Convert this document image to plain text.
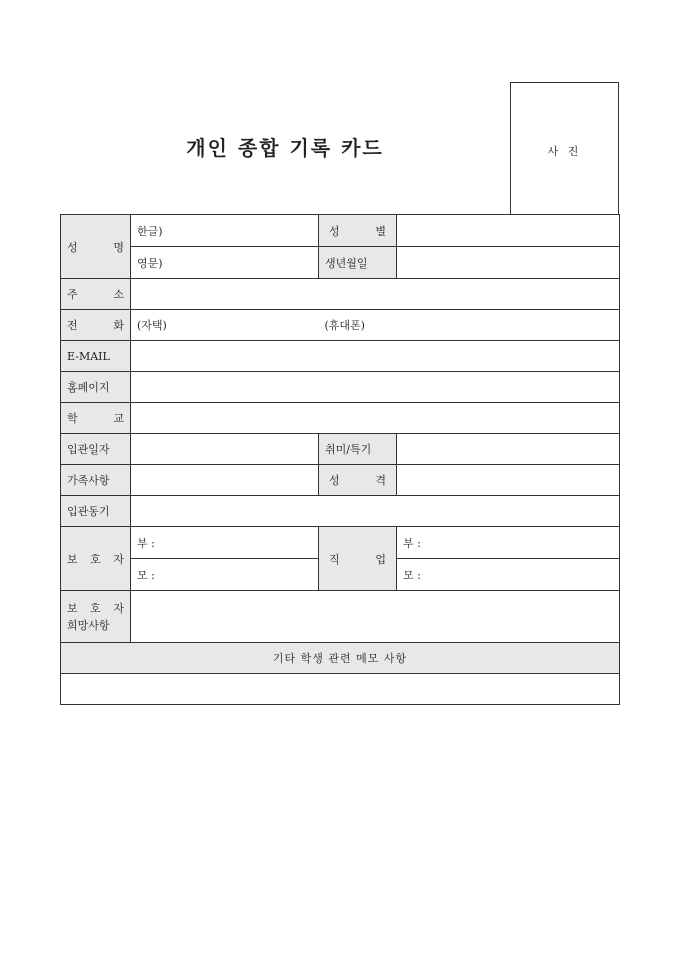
개인 종합 기록 카드	사 진
성 명	한글)	성 별	
	영문)	생년월일	
주 소			
전 화	(자택)	(휴대폰)	
E-MAIL			
홈페이지			
학 교			
입관일자		취미/특기	
가족사항		성 격	
입관동기			
보 호 자	부 :	직 업	부 :
	모 :		모 :

보 호 자
희망사항			

기타 학생 관련 메모 사항			
